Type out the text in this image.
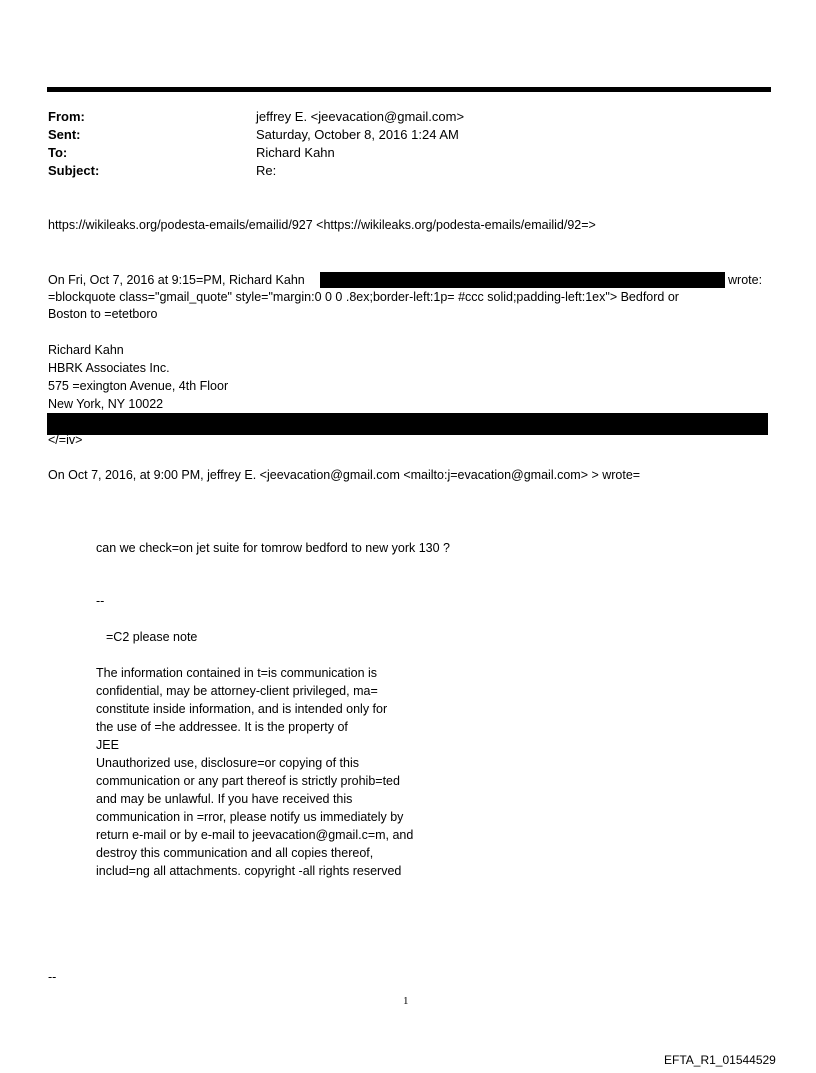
From:	jeffrey E. <jeevacation@gmail.com>
Sent:	Saturday, October 8, 2016 1:24 AM
To:	Richard Kahn
Subject:	Re:
https://wikileaks.org/podesta-emails/emailid/927 <https://wikileaks.org/podesta-emails/emailid/92=>
On Fri, Oct 7, 2016 at 9:15=PM, Richard Kahn	wrote:
=blockquote class="gmail_quote" style="margin:0 0 0 .8ex;border-left:1p= #ccc solid;padding-left:1ex"> Bedford or
Boston to =etetboro
Richard Kahn
HBRK Associates Inc.
575 =exington Avenue, 4th Floor
New York, NY 10022
</=iv>
On Oct 7, 2016, at 9:00 PM, jeffrey E. <jeevacation@gmail.com <mailto:j=evacation@gmail.com> > wrote=
can we check=on jet suite for tomrow bedford to new york 130 ?
--
=C2 please note
The information contained in t=is communication is
confidential, may be attorney-client privileged, ma=
constitute inside information, and is intended only for
the use of =he addressee. It is the property of
JEE
Unauthorized use, disclosure=or copying of this
communication or any part thereof is strictly prohib=ted
and may be unlawful. If you have received this
communication in =rror, please notify us immediately by
return e-mail or by e-mail to jeevacation@gmail.c=m, and
destroy this communication and all copies thereof,
includ=ng all attachments. copyright -all rights reserved
--
1
EFTA_R1_01544529
